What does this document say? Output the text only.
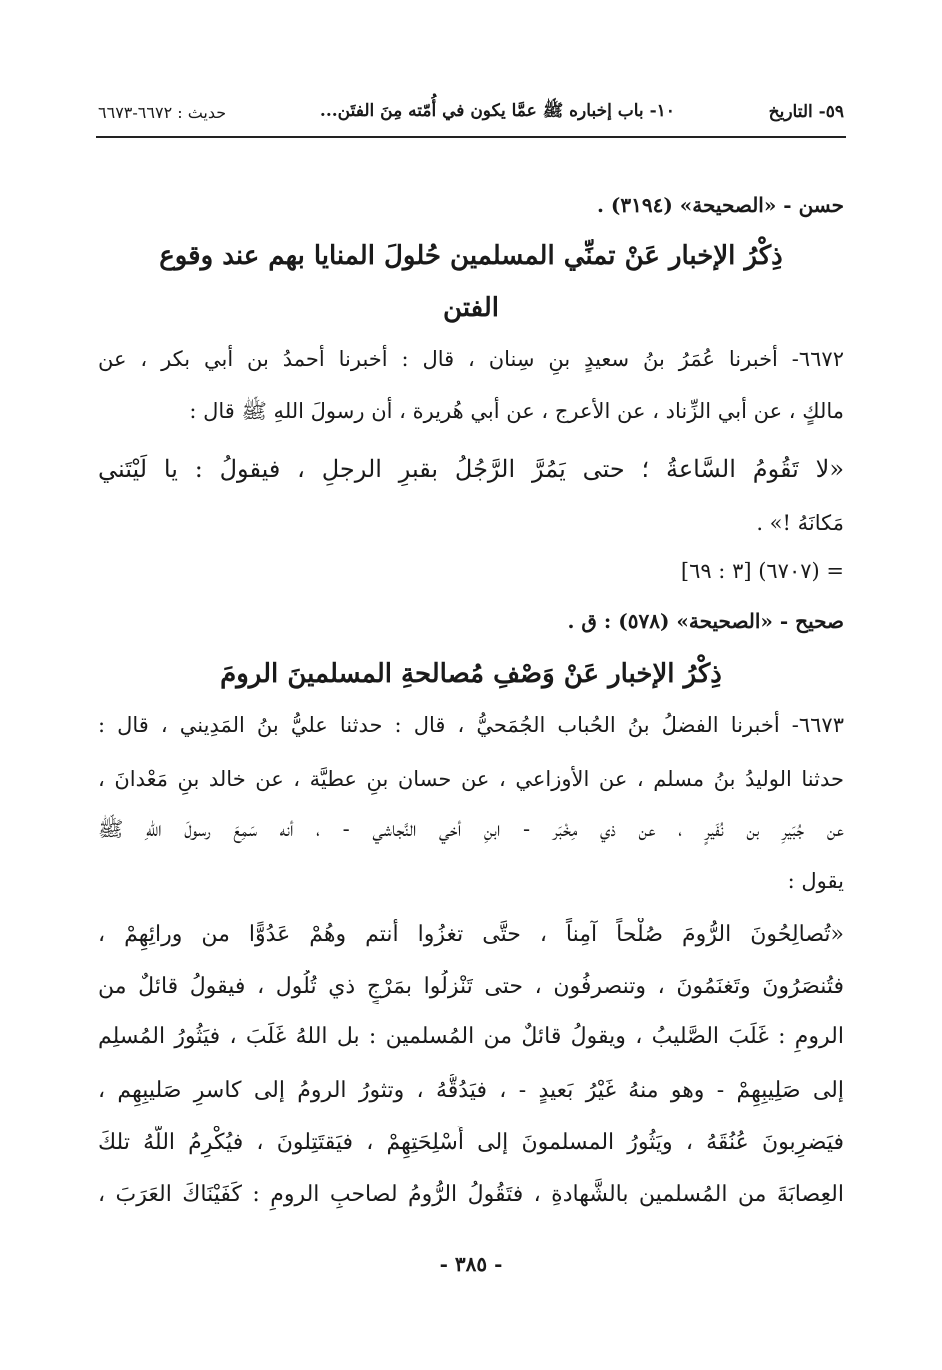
٥٩- التاريخ
١٠- باب إخباره ﷺ عمَّا يكون في أُمّته مِنَ الفتَن...
حديث : ٦٦٧٢-٦٦٧٣
حسن - «الصحيحة» (٣١٩٤) .
ذِكْرُ الإخبار عَنْ تمنِّي المسلمين حُلولَ المنايا بهم عند وقوع
الفتن
٦٦٧٢- أخبرنا عُمَرُ بنُ سعيدٍ بنِ سِنان ، قال : أخبرنا أحمدُ بن أبي بكر ، عن
مالكٍ ، عن أبي الزِّناد ، عن الأعرج ، عن أبي هُريرة ، أن رسولَ اللهِ ﷺ قال :
«لا تَقُومُ السَّاعةُ ؛ حتى يَمُرَّ الرَّجُلُ بقبرِ الرجلِ ، فيقولُ : يا لَيْتَني
مَكانَهُ !» .
= (٦٧٠٧) [٣ : ٦٩]
صحيح - «الصحيحة» (٥٧٨) : ق .
ذِكْرُ الإخبار عَنْ وَصْفِ مُصالحةِ المسلمينَ الرومَ
٦٦٧٣- أخبرنا الفضلُ بنُ الحُباب الجُمَحيُّ ، قال : حدثنا عليُّ بنُ المَدِيني ، قال :
حدثنا الوليدُ بنُ مسلم ، عن الأوزاعي ، عن حسان بنِ عطيَّة ، عن خالد بنِ مَعْدانَ ،
عن جُبَيرِ بن نُفَيرٍ ، عن ذي مِخْبَر - ابنِ أخي النَّجاشي - ، أنه سَمِعَ رسولَ اللهِ ﷺ
يقول :
«تُصالِحُونَ الرُّومَ صُلْحاً آمِناً ، حتَّى تغزُوا أنتم وهُمْ عَدُوًّا من ورائِهِمْ ،
فتُنصَرُونَ وتَغنَمُونَ ، وتنصرفُون ، حتى تَنْزلُوا بمَرْجٍ ذي تُلُول ، فيقولُ قائلٌ من
الرومِ : غَلَبَ الصَّليبُ ، ويقولُ قائلٌ من المُسلمين : بل اللهُ غَلَبَ ، فيَثُورُ المُسلِم
إلى صَلِيبِهِمْ - وهو منهُ غَيْرُ بَعيدٍ - ، فيَدُقُّهُ ، وتثورُ الرومُ إلى كاسرِ صَليبِهِم ،
فيَضرِبونَ عُنُقَهُ ، ويَثُورُ المسلمونَ إلى أَسْلِحَتِهِمْ ، فيَقتَتِلونَ ، فيُكْرِمُ اللّهُ تلكَ
العِصابَةَ من المُسلمين بالشَّهادةِ ، فتَقُولُ الرُّومُ لصاحبِ الرومِ : كَفَيْنَاكَ العَرَبَ ،
- ٣٨٥ -
